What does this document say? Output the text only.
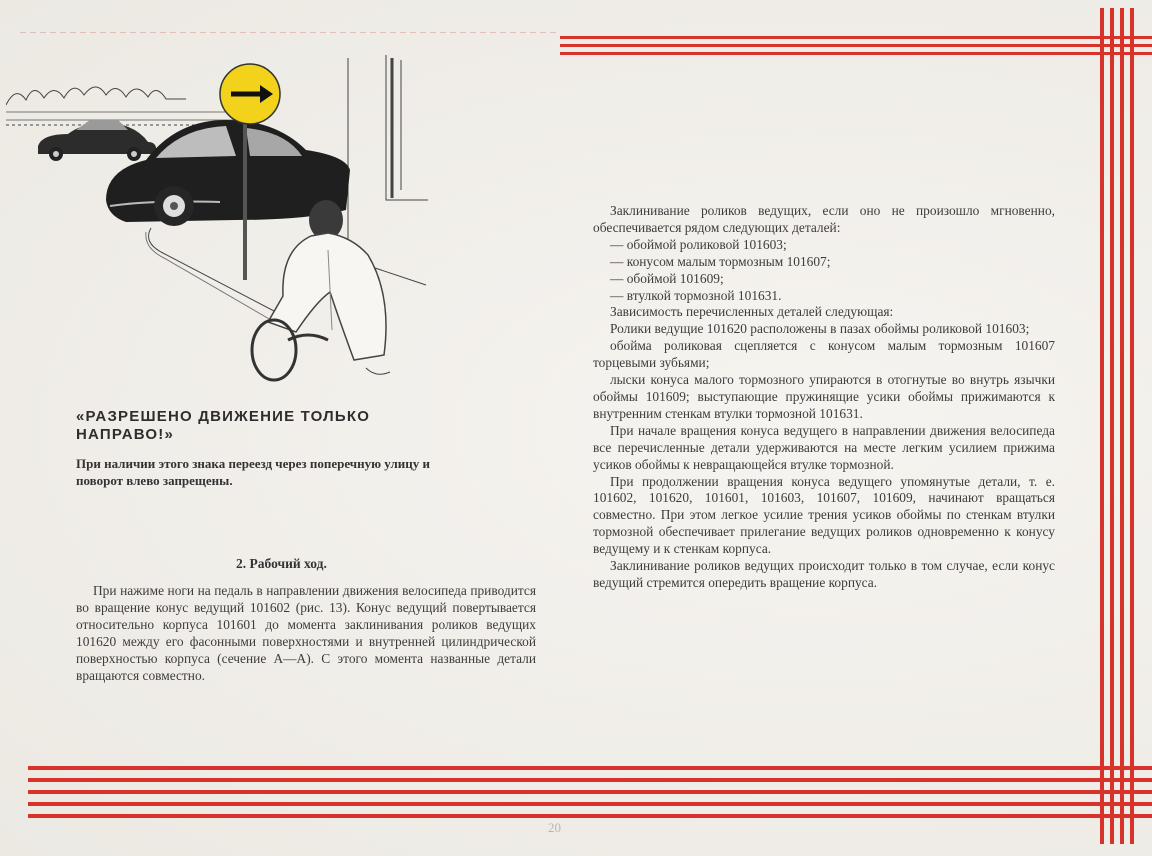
«РАЗРЕШЕНО ДВИЖЕНИЕ ТОЛЬКО НАПРАВО!»
При наличии этого знака переезд через поперечную улицу и поворот влево запрещены.
2. Рабочий ход.

При нажиме ноги на педаль в направлении движения велосипеда приводится во вращение конус ведущий 101602 (рис. 13). Конус ведущий повертывается относительно корпуса 101601 до момента заклинивания роликов ведущих 101620 между его фасонными поверхностями и внутренней цилиндрической поверхностью корпуса (сечение А—А). С этого момента названные детали вращаются совместно.

Заклинивание роликов ведущих, если оно не произошло мгновенно, обеспечивается рядом следующих деталей:

— обоймой роликовой 101603;

— конусом малым тормозным 101607;

— обоймой 101609;

— втулкой тормозной 101631.

Зависимость перечисленных деталей следующая:

Ролики ведущие 101620 расположены в пазах обоймы роликовой 101603;

обойма роликовая сцепляется с конусом малым тормозным 101607 торцевыми зубьями;

лыски конуса малого тормозного упираются в отогнутые во внутрь язычки обоймы 101609; выступающие пружинящие усики обоймы прижимаются к внутренним стенкам втулки тормозной 101631.

При начале вращения конуса ведущего в направлении движения велосипеда все перечисленные детали удерживаются на месте легким усилием прижима усиков обоймы к невращающейся втулке тормозной.

При продолжении вращения конуса ведущего упомянутые детали, т. е. 101602, 101620, 101601, 101603, 101607, 101609, начинают вращаться совместно. При этом легкое усилие трения усиков обоймы по стенкам втулки тормозной обеспечивает прилегание ведущих роликов одновременно к конусу ведущему и к стенкам корпуса.

Заклинивание роликов ведущих происходит только в том случае, если конус ведущий стремится опередить вращение корпуса.

20
